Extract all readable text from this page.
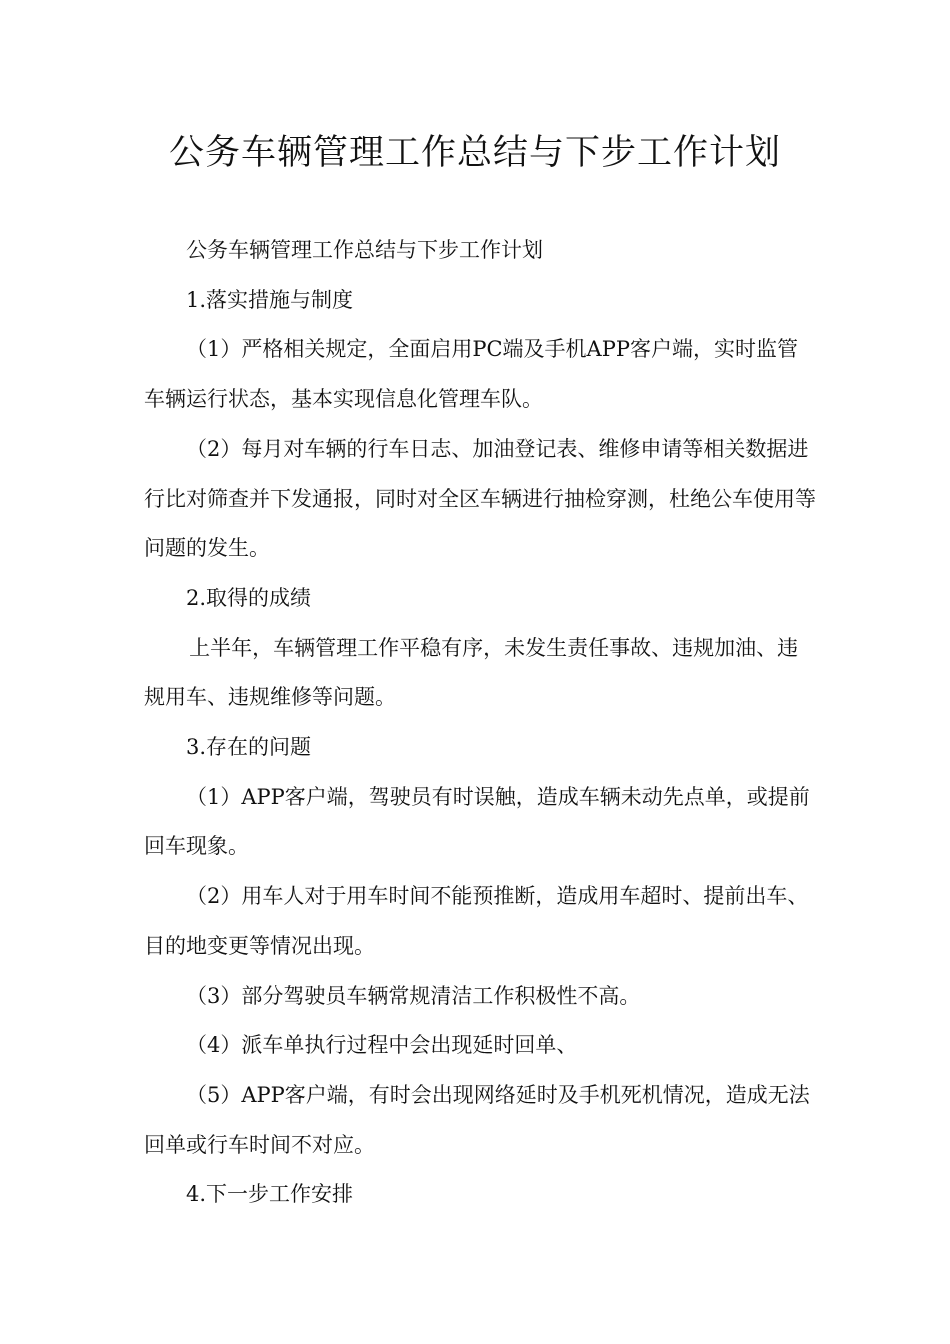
公务车辆管理工作总结与下步工作计划

公务车辆管理工作总结与下步工作计划

1.落实措施与制度

（1）严格相关规定，全面启用PC端及手机APP客户端，实时监管车辆运行状态，基本实现信息化管理车队。

（2）每月对车辆的行车日志、加油登记表、维修申请等相关数据进行比对筛查并下发通报，同时对全区车辆进行抽检穿测，杜绝公车使用等问题的发生。

2.取得的成绩

上半年，车辆管理工作平稳有序，未发生责任事故、违规加油、违规用车、违规维修等问题。

3.存在的问题

（1）APP客户端，驾驶员有时误触，造成车辆未动先点单，或提前回车现象。

（2）用车人对于用车时间不能预推断，造成用车超时、提前出车、目的地变更等情况出现。

（3）部分驾驶员车辆常规清洁工作积极性不高。

（4）派车单执行过程中会出现延时回单、

（5）APP客户端，有时会出现网络延时及手机死机情况，造成无法回单或行车时间不对应。

4.下一步工作安排
